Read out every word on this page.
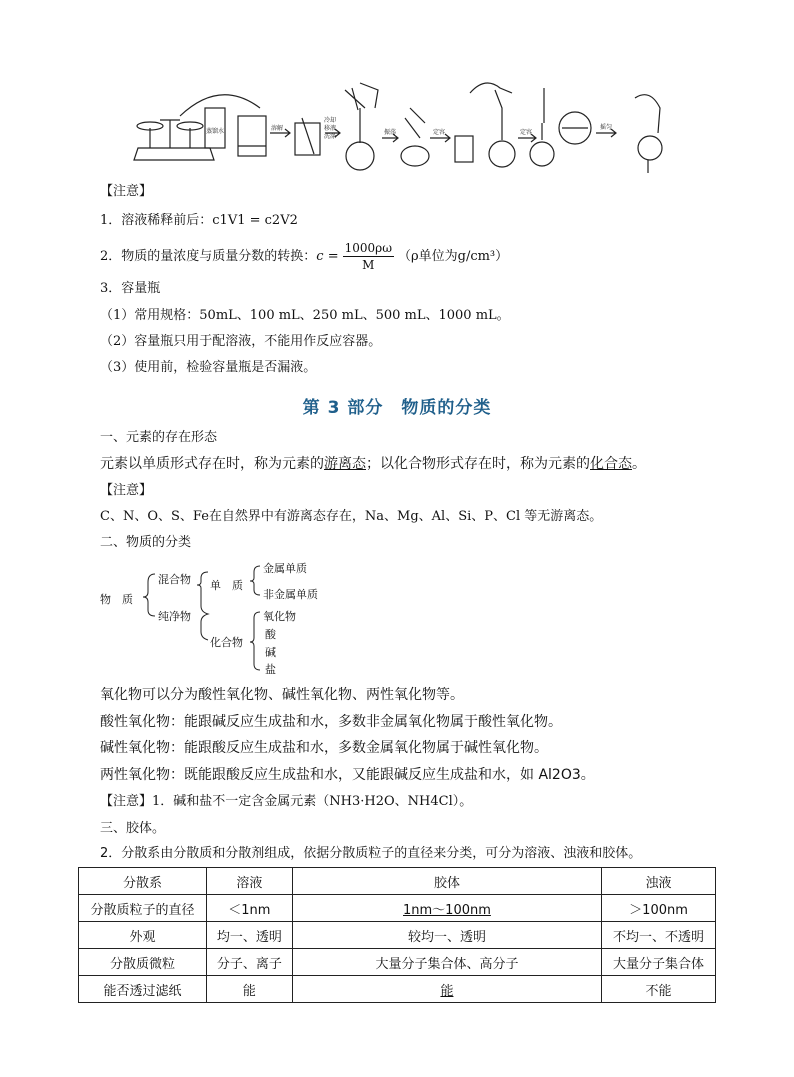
蒸馏水	溶解
冷却
移液
洗涤
振荡	定容	定容
摇匀
【注意】
1．溶液稀释前后：c1V1 = c2V2
2．物质的量浓度与质量分数的转换：$c = \frac{1000\rho\omega}{M} (\rho$单位为g/cm³）
3．容量瓶
（1）常用规格：50mL、100 mL、250 mL、500 mL、1000 mL。
（2）容量瓶只用于配溶液，不能用作反应容器。
（3）使用前，检验容量瓶是否漏液。
第 3 部分　物质的分类
一、元素的存在形态
元素以单质形式存在时，称为元素的游离态；以化合物形式存在时，称为元素的化合态。
【注意】
C、N、O、S、Fe在自然界中有游离态存在，Na、Mg、Al、Si、P、Cl 等无游离态。
二、物质的分类
物　质
混合物
纯净物
单　质
化合物
金属单质
非金属单质
氧化物
酸
碱
盐
氧化物可以分为酸性氧化物、碱性氧化物、两性氧化物等。
酸性氧化物：能跟碱反应生成盐和水，多数非金属氧化物属于酸性氧化物。
碱性氧化物：能跟酸反应生成盐和水，多数金属氧化物属于碱性氧化物。
两性氧化物：既能跟酸反应生成盐和水，又能跟碱反应生成盐和水，如 Al2O3。
【注意】1．碱和盐不一定含金属元素（NH3·H2O、NH4Cl）。
三、胶体。
2．分散系由分散质和分散剂组成，依据分散质粒子的直径来分类，可分为溶液、浊液和胶体。
分散系	溶液	胶体	浊液
分散质粒子的直径	＜1nm	1nm～100nm	＞100nm
外观	均一、透明	较均一、透明	不均一、不透明
分散质微粒	分子、离子	大量分子集合体、高分子	大量分子集合体
能否透过滤纸	能	能	不能
